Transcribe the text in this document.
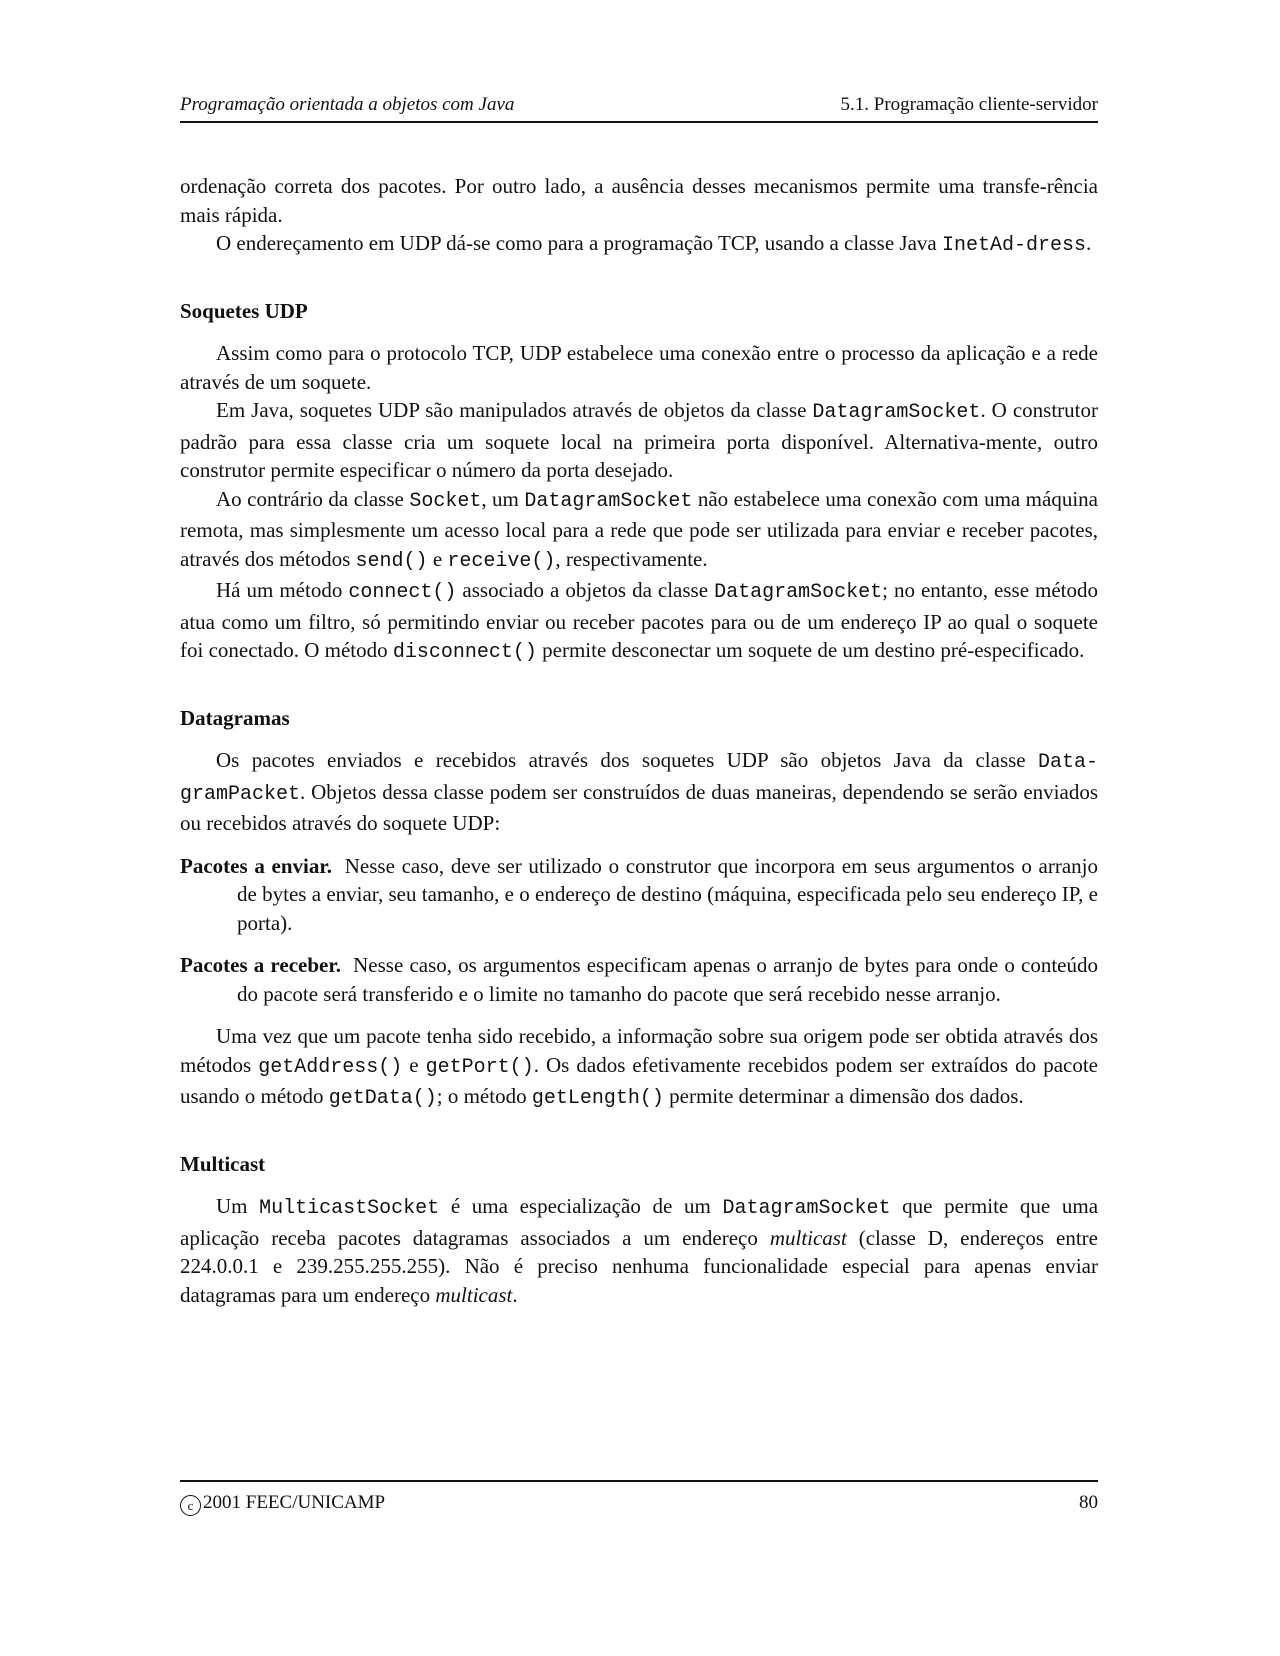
Programação orientada a objetos com Java	5.1. Programação cliente-servidor

ordenação correta dos pacotes. Por outro lado, a ausência desses mecanismos permite uma transfe-rência mais rápida.

O endereçamento em UDP dá-se como para a programação TCP, usando a classe Java InetAd-dress.

Soquetes UDP

Assim como para o protocolo TCP, UDP estabelece uma conexão entre o processo da aplicação e a rede através de um soquete.

Em Java, soquetes UDP são manipulados através de objetos da classe DatagramSocket. O construtor padrão para essa classe cria um soquete local na primeira porta disponível. Alternativa-mente, outro construtor permite especificar o número da porta desejado.

Ao contrário da classe Socket, um DatagramSocket não estabelece uma conexão com uma máquina remota, mas simplesmente um acesso local para a rede que pode ser utilizada para enviar e receber pacotes, através dos métodos send() e receive(), respectivamente.

Há um método connect() associado a objetos da classe DatagramSocket; no entanto, esse método atua como um filtro, só permitindo enviar ou receber pacotes para ou de um endereço IP ao qual o soquete foi conectado. O método disconnect() permite desconectar um soquete de um destino pré-especificado.

Datagramas

Os pacotes enviados e recebidos através dos soquetes UDP são objetos Java da classe Data-gramPacket. Objetos dessa classe podem ser construídos de duas maneiras, dependendo se serão enviados ou recebidos através do soquete UDP:

Pacotes a enviar. Nesse caso, deve ser utilizado o construtor que incorpora em seus argumentos o arranjo de bytes a enviar, seu tamanho, e o endereço de destino (máquina, especificada pelo seu endereço IP, e porta).

Pacotes a receber. Nesse caso, os argumentos especificam apenas o arranjo de bytes para onde o conteúdo do pacote será transferido e o limite no tamanho do pacote que será recebido nesse arranjo.

Uma vez que um pacote tenha sido recebido, a informação sobre sua origem pode ser obtida através dos métodos getAddress() e getPort(). Os dados efetivamente recebidos podem ser extraídos do pacote usando o método getData(); o método getLength() permite determinar a dimensão dos dados.

Multicast

Um MulticastSocket é uma especialização de um DatagramSocket que permite que uma aplicação receba pacotes datagramas associados a um endereço multicast (classe D, endereços entre 224.0.0.1 e 239.255.255.255). Não é preciso nenhuma funcionalidade especial para apenas enviar datagramas para um endereço multicast.

c 2001 FEEC/UNICAMP	80
